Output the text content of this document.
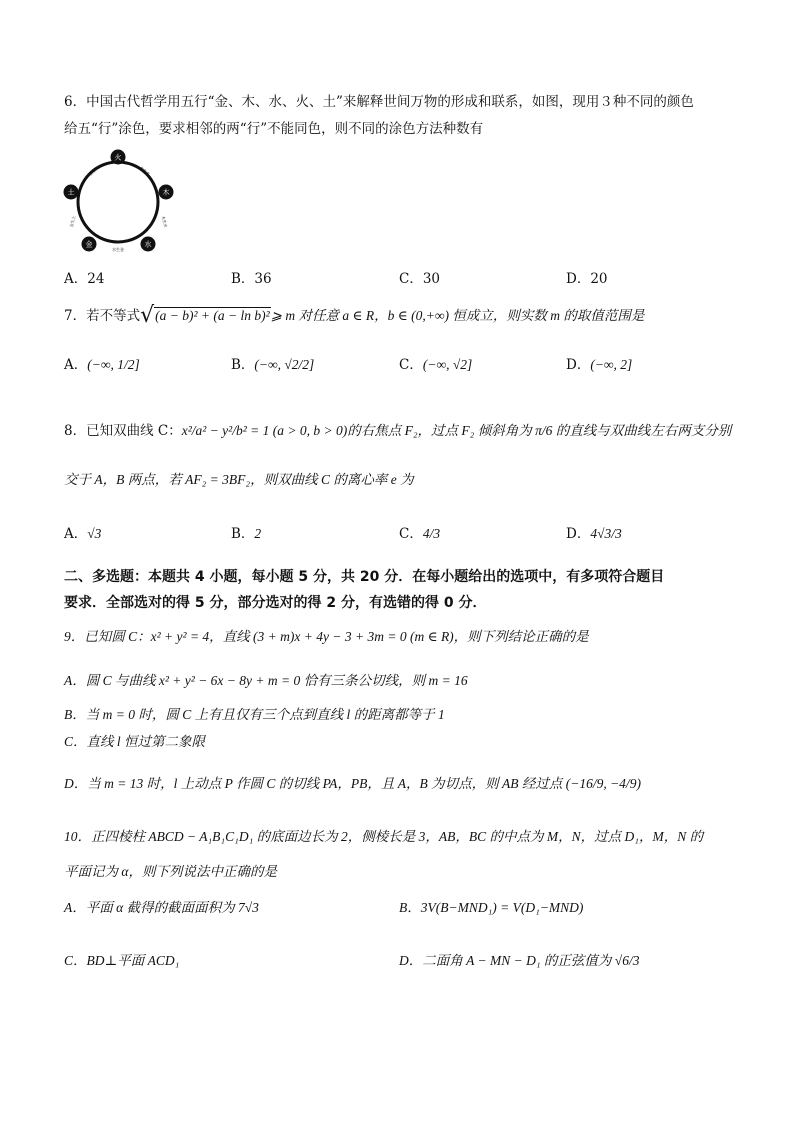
6．中国古代哲学用五行“金、木、水、火、土”来解释世间万物的形成和联系，如图，现用３种不同的颜色
给五“行”涂色，要求相邻的两“行”不能同色，则不同的涂色方法种数有
火
木
水
金
土
土生火	火生木
木生水
水生金
金生土
A．24	B．36	C．30	D．20
7．若不等式√(a − b)² + (a − ln b)²⩾ m 对任意 a ∈ R，b ∈ (0,+∞) 恒成立，则实数 m 的取值范围是
A．(−∞, 1/2]	B．(−∞, √2/2]	C．(−∞, √2]	D．(−∞, 2]
8．已知双曲线 C：x²/a² − y²/b² = 1 (a > 0, b > 0)的右焦点 F₂，过点 F₂ 倾斜角为 π/6 的直线与双曲线左右两支分别
交于 A，B 两点，若 AF₂ = 3BF₂，则双曲线 C 的离心率 e 为
A．√3	B．2	C．4/3	D．4√3/3
二、多选题：本题共 4 小题，每小题 5 分，共 20 分．在每小题给出的选项中，有多项符合题目
要求．全部选对的得 5 分，部分选对的得 2 分，有选错的得 0 分．
9．已知圆 C：x² + y² = 4，直线 (3 + m)x + 4y − 3 + 3m = 0 (m ∈ R)，则下列结论正确的是
A．圆 C 与曲线 x² + y² − 6x − 8y + m = 0 恰有三条公切线，则 m = 16
B．当 m = 0 时，圆 C 上有且仅有三个点到直线 l 的距离都等于 1
C．直线 l 恒过第二象限
D．当 m = 13 时，l 上动点 P 作圆 C 的切线 PA，PB，且 A，B 为切点，则 AB 经过点 (−16/9, −4/9)
10．正四棱柱 ABCD − A₁B₁C₁D₁ 的底面边长为 2，侧棱长是 3，AB，BC 的中点为 M，N，过点 D₁，M，N 的
平面记为 α，则下列说法中正确的是
A．平面 α 截得的截面面积为 7√3	B．3V(B−MND₁) = V(D₁−MND)
C．BD⊥平面 ACD₁	D．二面角 A − MN − D₁ 的正弦值为 √6/3
